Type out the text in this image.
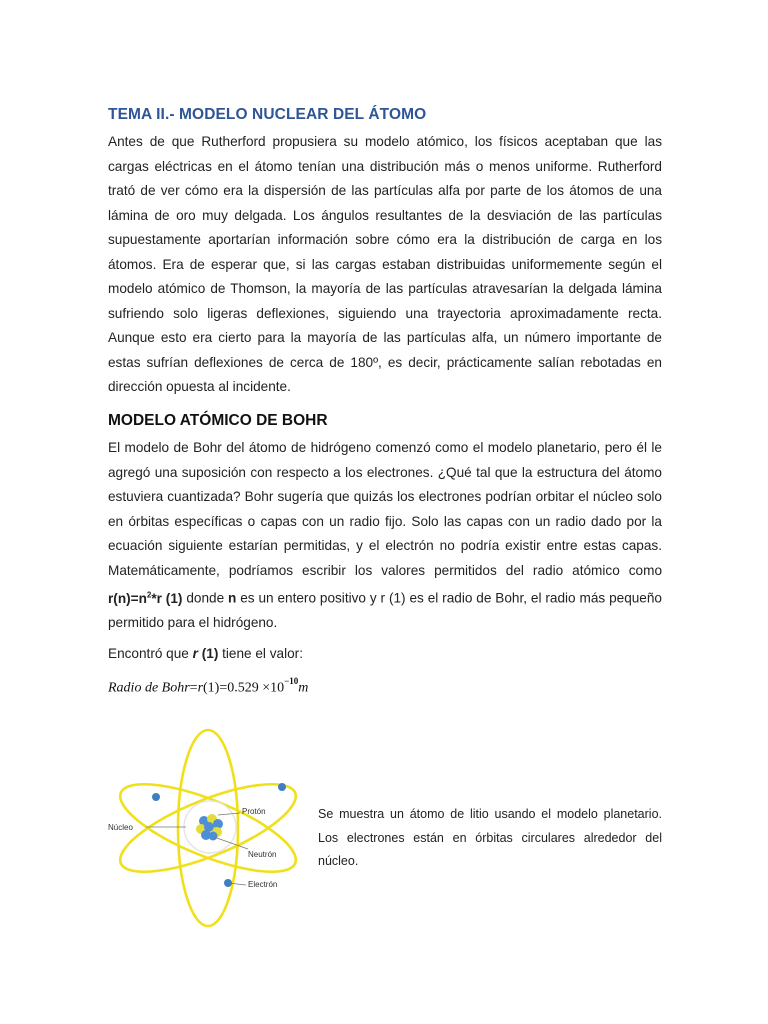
TEMA II.- MODELO NUCLEAR DEL ÁTOMO
Antes de que Rutherford propusiera su modelo atómico, los físicos aceptaban que las cargas eléctricas en el átomo tenían una distribución más o menos uniforme. Rutherford trató de ver cómo era la dispersión de las partículas alfa por parte de los átomos de una lámina de oro muy delgada. Los ángulos resultantes de la desviación de las partículas supuestamente aportarían información sobre cómo era la distribución de carga en los átomos. Era de esperar que, si las cargas estaban distribuidas uniformemente según el modelo atómico de Thomson, la mayoría de las partículas atravesarían la delgada lámina sufriendo solo ligeras deflexiones, siguiendo una trayectoria aproximadamente recta. Aunque esto era cierto para la mayoría de las partículas alfa, un número importante de estas sufrían deflexiones de cerca de 180º, es decir, prácticamente salían rebotadas en dirección opuesta al incidente.
MODELO ATÓMICO DE BOHR
El modelo de Bohr del átomo de hidrógeno comenzó como el modelo planetario, pero él le agregó una suposición con respecto a los electrones. ¿Qué tal que la estructura del átomo estuviera cuantizada? Bohr sugería que quizás los electrones podrían orbitar el núcleo solo en órbitas específicas o capas con un radio fijo. Solo las capas con un radio dado por la ecuación siguiente estarían permitidas, y el electrón no podría existir entre estas capas. Matemáticamente, podríamos escribir los valores permitidos del radio atómico como $r(n)=n^2*r$ (1) donde n es un entero positivo y r (1) es el radio de Bohr, el radio más pequeño permitido para el hidrógeno.
Encontró que r (1) tiene el valor:
Radio de Bohr=r(1)=0.529 $\times 10^{-10}m$
Protón
Núcleo
Neutrón
Electrón
Se muestra un átomo de litio usando el modelo planetario. Los electrones están en órbitas circulares alrededor del núcleo.
